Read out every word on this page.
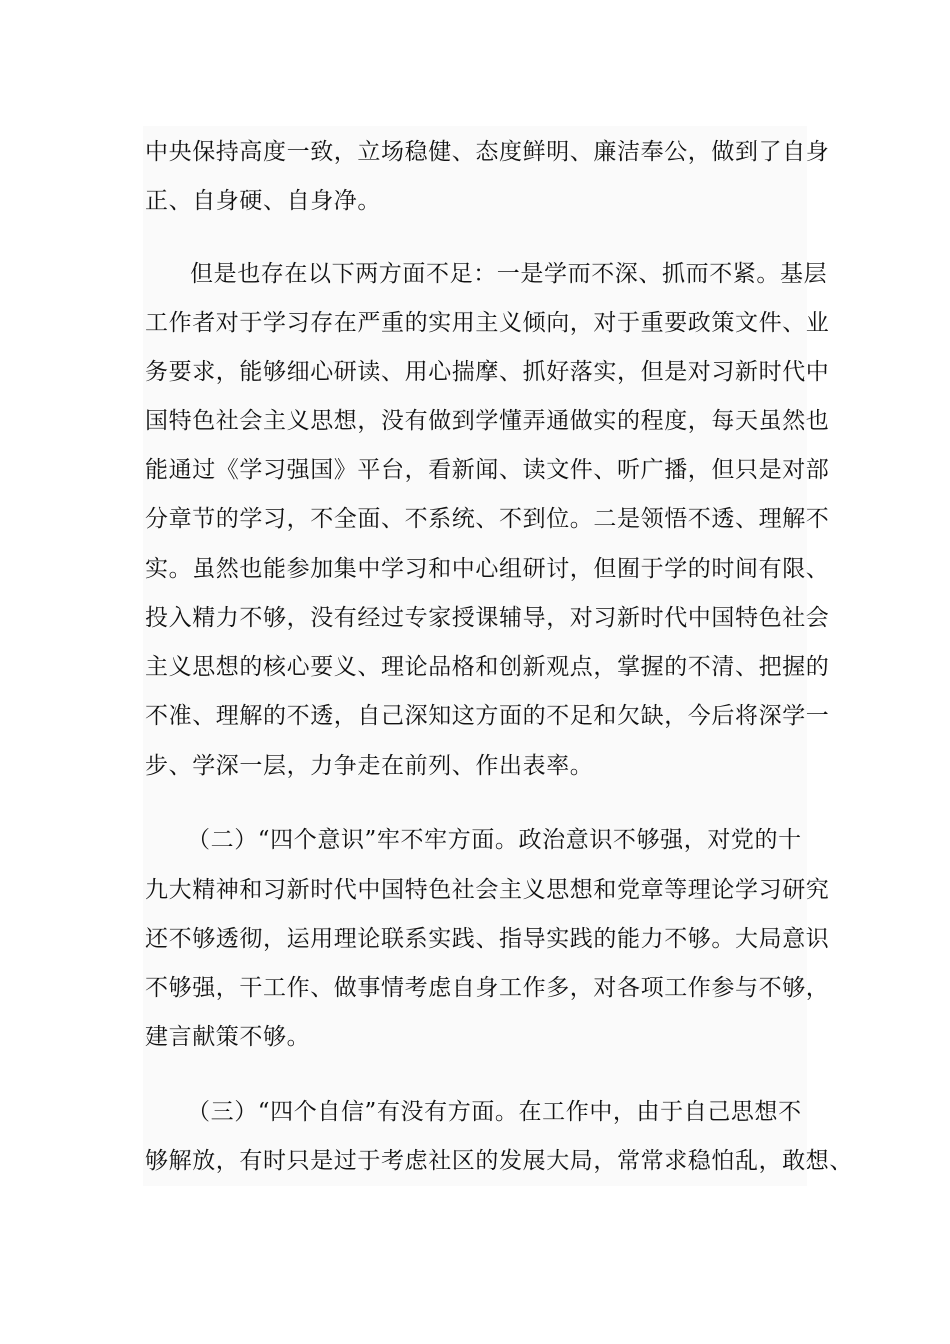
中央保持高度一致，立场稳健、态度鲜明、廉洁奉公，做到了自身
正、自身硬、自身净。
但是也存在以下两方面不足：一是学而不深、抓而不紧。基层
工作者对于学习存在严重的实用主义倾向，对于重要政策文件、业
务要求，能够细心研读、用心揣摩、抓好落实，但是对习新时代中
国特色社会主义思想，没有做到学懂弄通做实的程度，每天虽然也
能通过《学习强国》平台，看新闻、读文件、听广播，但只是对部
分章节的学习，不全面、不系统、不到位。二是领悟不透、理解不
实。虽然也能参加集中学习和中心组研讨，但囿于学的时间有限、
投入精力不够，没有经过专家授课辅导，对习新时代中国特色社会
主义思想的核心要义、理论品格和创新观点，掌握的不清、把握的
不准、理解的不透，自己深知这方面的不足和欠缺，今后将深学一
步、学深一层，力争走在前列、作出表率。
（二）“四个意识”牢不牢方面。政治意识不够强，对党的十
九大精神和习新时代中国特色社会主义思想和党章等理论学习研究
还不够透彻，运用理论联系实践、指导实践的能力不够。大局意识
不够强，干工作、做事情考虑自身工作多，对各项工作参与不够，
建言献策不够。
（三）“四个自信”有没有方面。在工作中，由于自己思想不
够解放，有时只是过于考虑社区的发展大局，常常求稳怕乱，敢想、
